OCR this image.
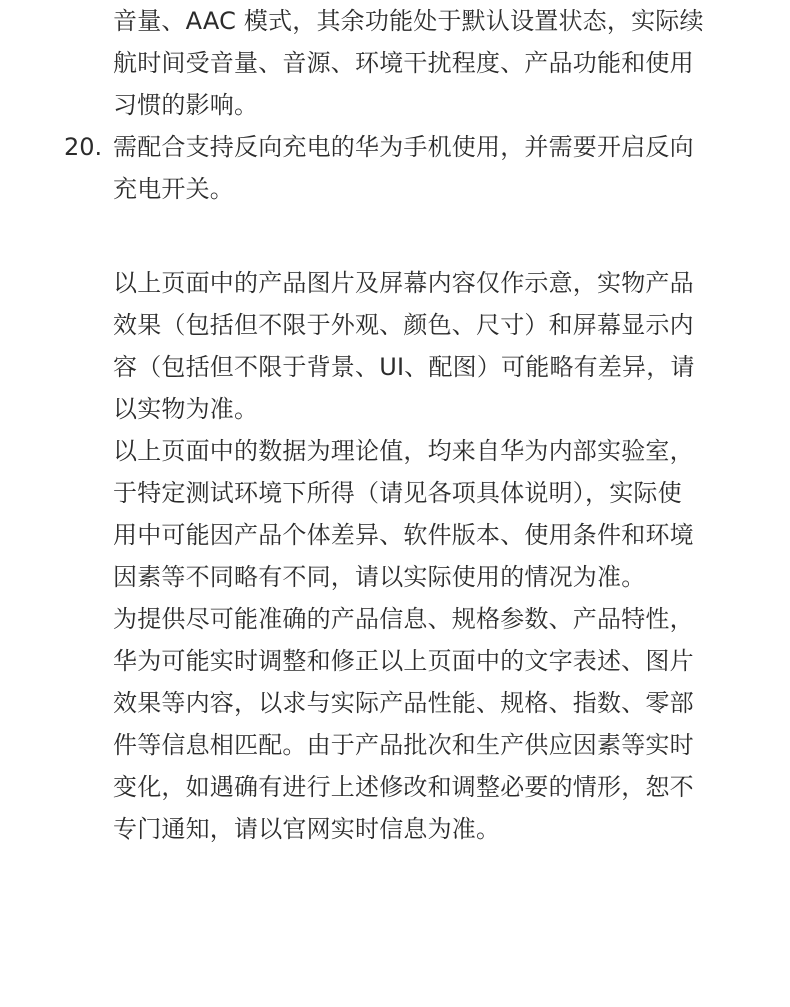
音量、AAC 模式，其余功能处于默认设置状态，实际续

航时间受音量、音源、环境干扰程度、产品功能和使用

习惯的影响。

20. 需配合支持反向充电的华为手机使用，并需要开启反向
充电开关。

以上页面中的产品图片及屏幕内容仅作示意，实物产品
效果（包括但不限于外观、颜色、尺寸）和屏幕显示内
容（包括但不限于背景、UI、配图）可能略有差异，请
以实物为准。

以上页面中的数据为理论值，均来自华为内部实验室，
于特定测试环境下所得（请见各项具体说明），实际使
用中可能因产品个体差异、软件版本、使用条件和环境
因素等不同略有不同，请以实际使用的情况为准。

为提供尽可能准确的产品信息、规格参数、产品特性，
华为可能实时调整和修正以上页面中的文字表述、图片
效果等内容，以求与实际产品性能、规格、指数、零部
件等信息相匹配。由于产品批次和生产供应因素等实时
变化，如遇确有进行上述修改和调整必要的情形，恕不
专门通知，请以官网实时信息为准。
